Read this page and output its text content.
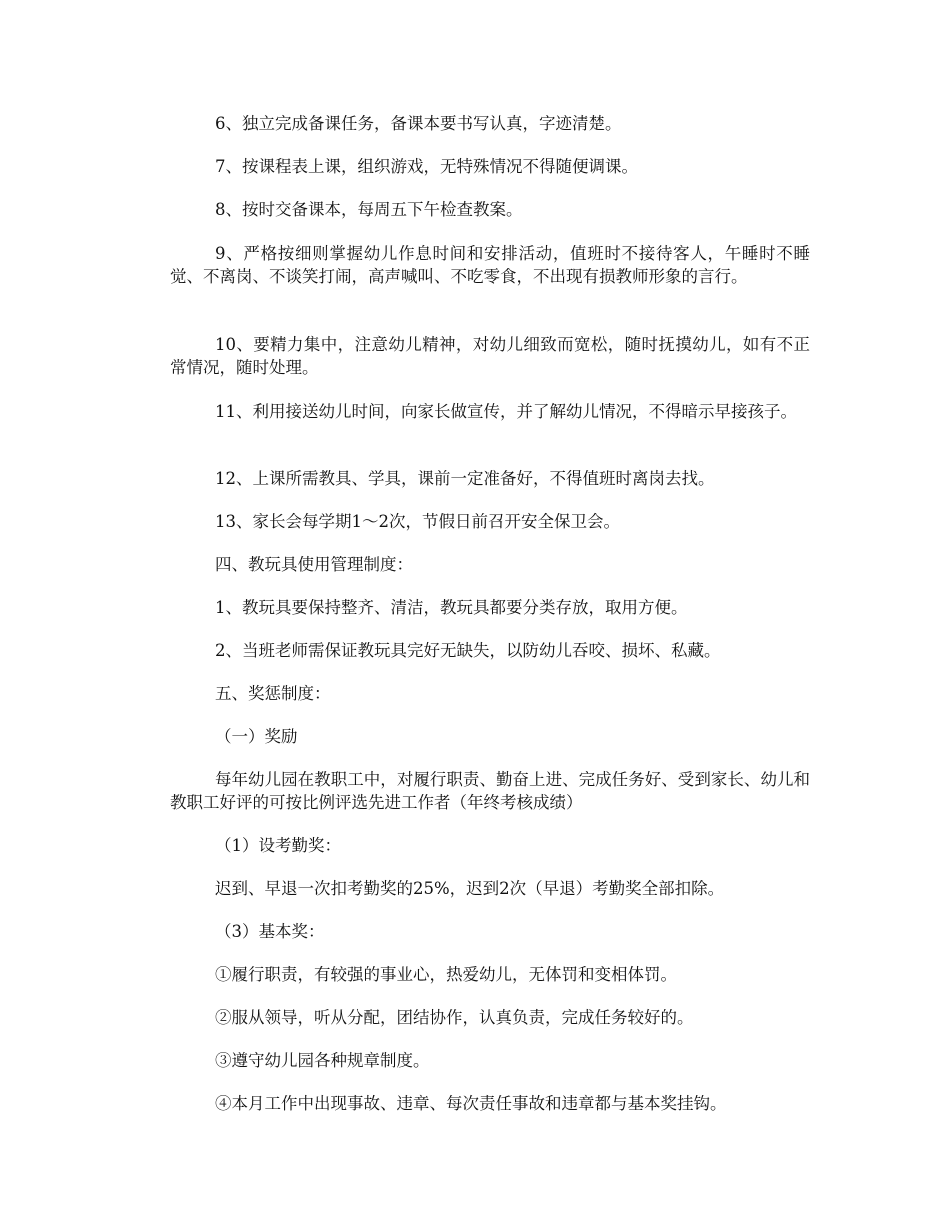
6、独立完成备课任务，备课本要书写认真，字迹清楚。

7、按课程表上课，组织游戏，无特殊情况不得随便调课。

8、按时交备课本，每周五下午检查教案。

9、严格按细则掌握幼儿作息时间和安排活动，值班时不接待客人，午睡时不睡觉、不离岗、不谈笑打闹，高声喊叫、不吃零食，不出现有损教师形象的言行。

10、要精力集中，注意幼儿精神，对幼儿细致而宽松，随时抚摸幼儿，如有不正常情况，随时处理。

11、利用接送幼儿时间，向家长做宣传，并了解幼儿情况，不得暗示早接孩子。

12、上课所需教具、学具，课前一定准备好，不得值班时离岗去找。

13、家长会每学期1～2次，节假日前召开安全保卫会。

四、教玩具使用管理制度：

1、教玩具要保持整齐、清洁，教玩具都要分类存放，取用方便。

2、当班老师需保证教玩具完好无缺失，以防幼儿吞咬、损坏、私藏。

五、奖惩制度：

（一）奖励

每年幼儿园在教职工中，对履行职责、勤奋上进、完成任务好、受到家长、幼儿和教职工好评的可按比例评选先进工作者（年终考核成绩）

（1）设考勤奖：

迟到、早退一次扣考勤奖的25%，迟到2次（早退）考勤奖全部扣除。

（3）基本奖：

①履行职责，有较强的事业心，热爱幼儿，无体罚和变相体罚。

②服从领导，听从分配，团结协作，认真负责，完成任务较好的。

③遵守幼儿园各种规章制度。

④本月工作中出现事故、违章、每次责任事故和违章都与基本奖挂钩。
